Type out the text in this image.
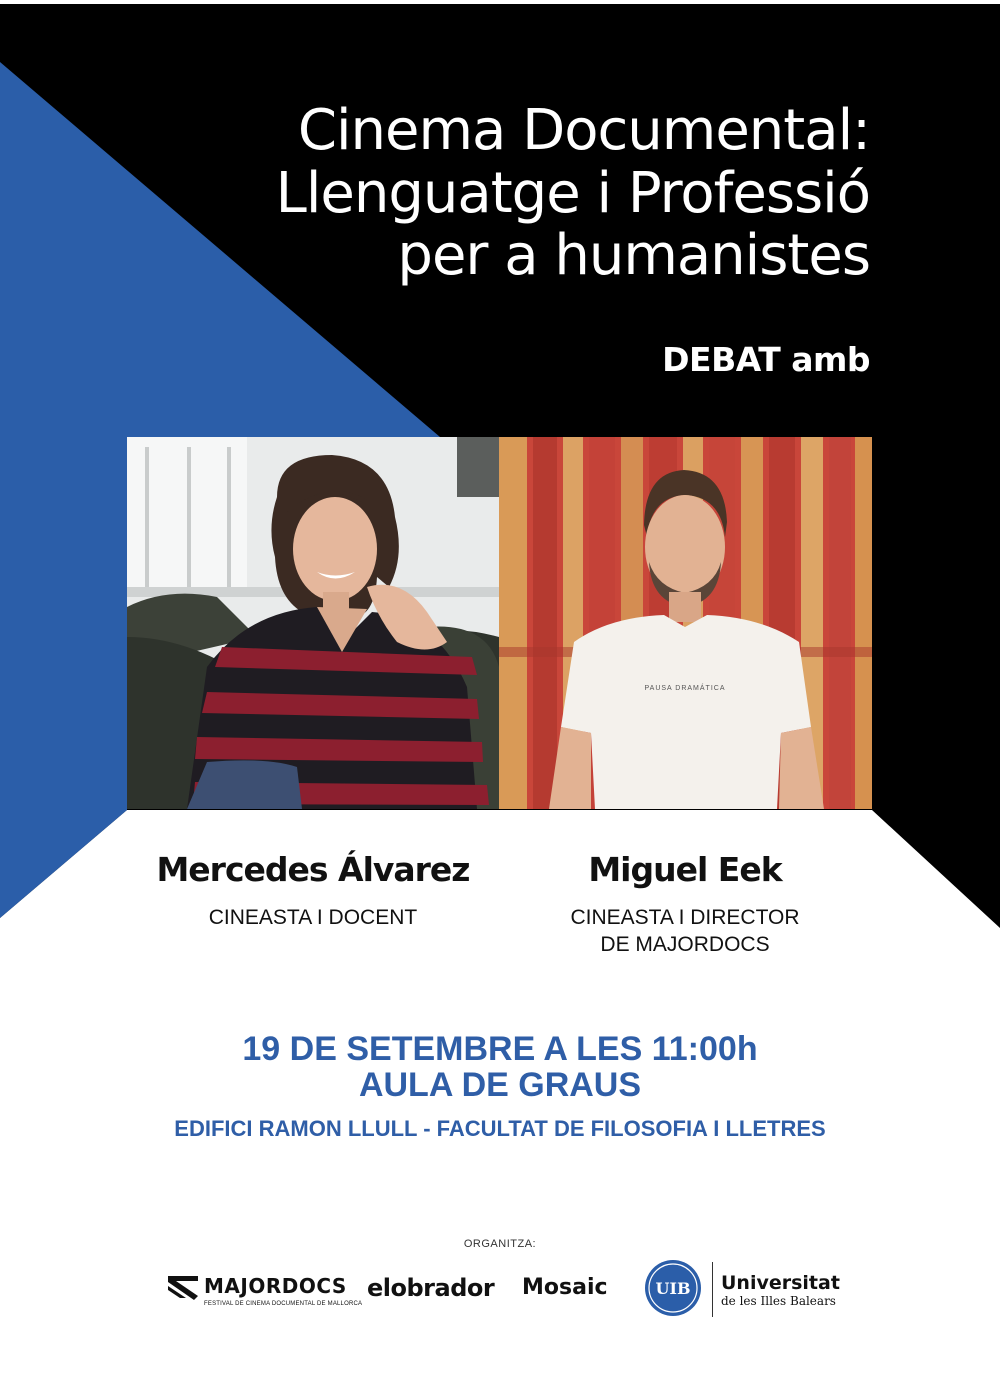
Cinema Documental:
Llenguatge i Professió
per a humanistes
DEBAT amb
PAUSA DRAMÁTICA
Mercedes Álvarez
CINEASTA I DOCENT
Miguel Eek
CINEASTA I DIRECTOR
DE MAJORDOCS
19 DE SETEMBRE A LES 11:00h
AULA DE GRAUS
EDIFICI RAMON LLULL - FACULTAT DE FILOSOFIA I LLETRES
ORGANITZA:
MAJORDOCS
FESTIVAL DE CINEMA DOCUMENTAL DE MALLORCA
elobrador Mosaic	UIB Universitat
de les Illes Balears
